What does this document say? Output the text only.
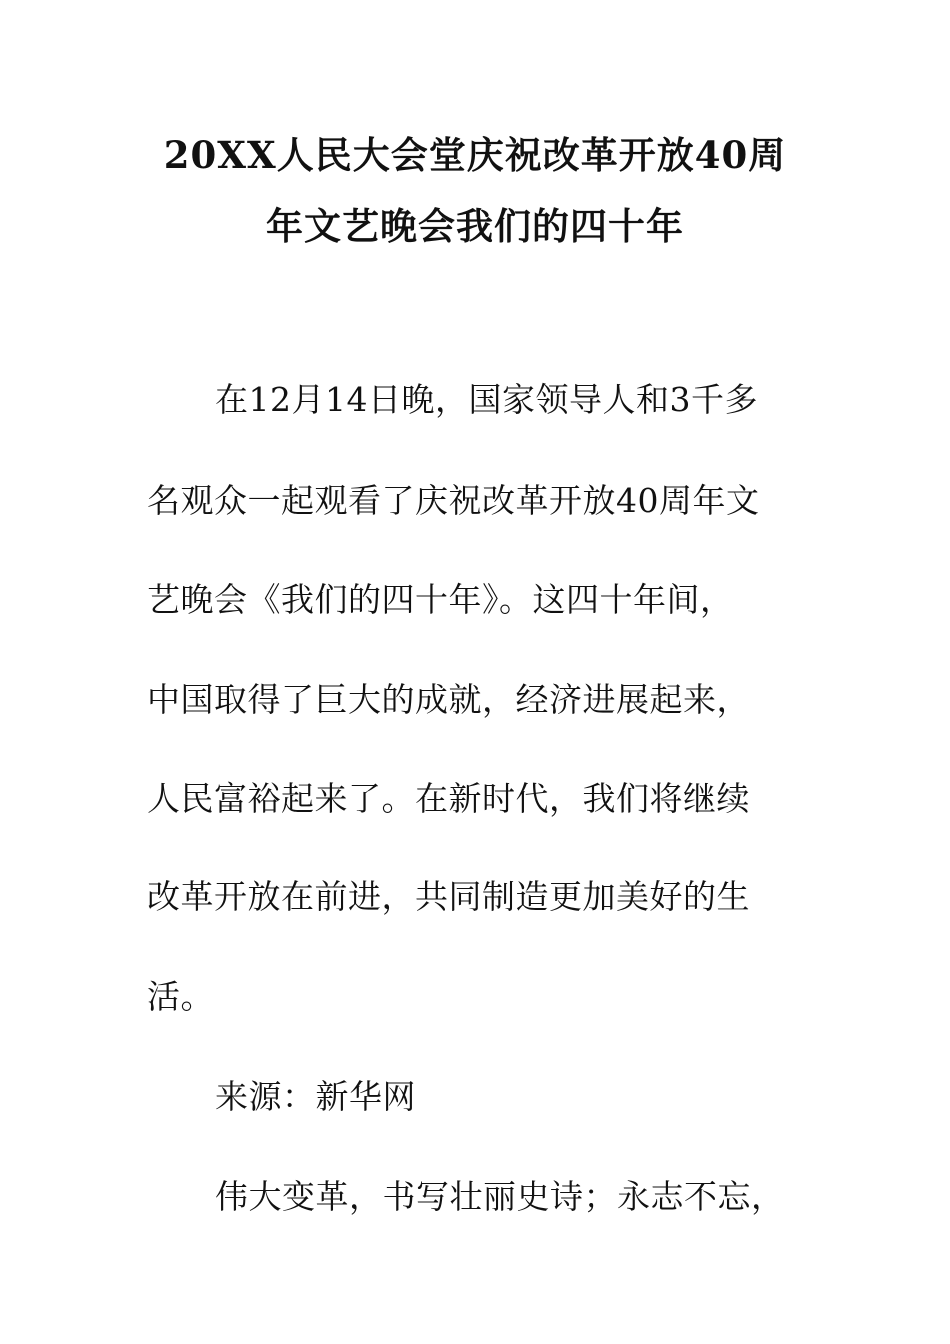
20XX人民大会堂庆祝改革开放40周
年文艺晚会我们的四十年
在12月14日晚，国家领导人和3千多
名观众一起观看了庆祝改革开放40周年文
艺晚会《我们的四十年》。这四十年间，
中国取得了巨大的成就，经济进展起来，
人民富裕起来了。在新时代，我们将继续
改革开放在前进，共同制造更加美好的生
活。
来源：新华网
伟大变革，书写壮丽史诗；永志不忘，
